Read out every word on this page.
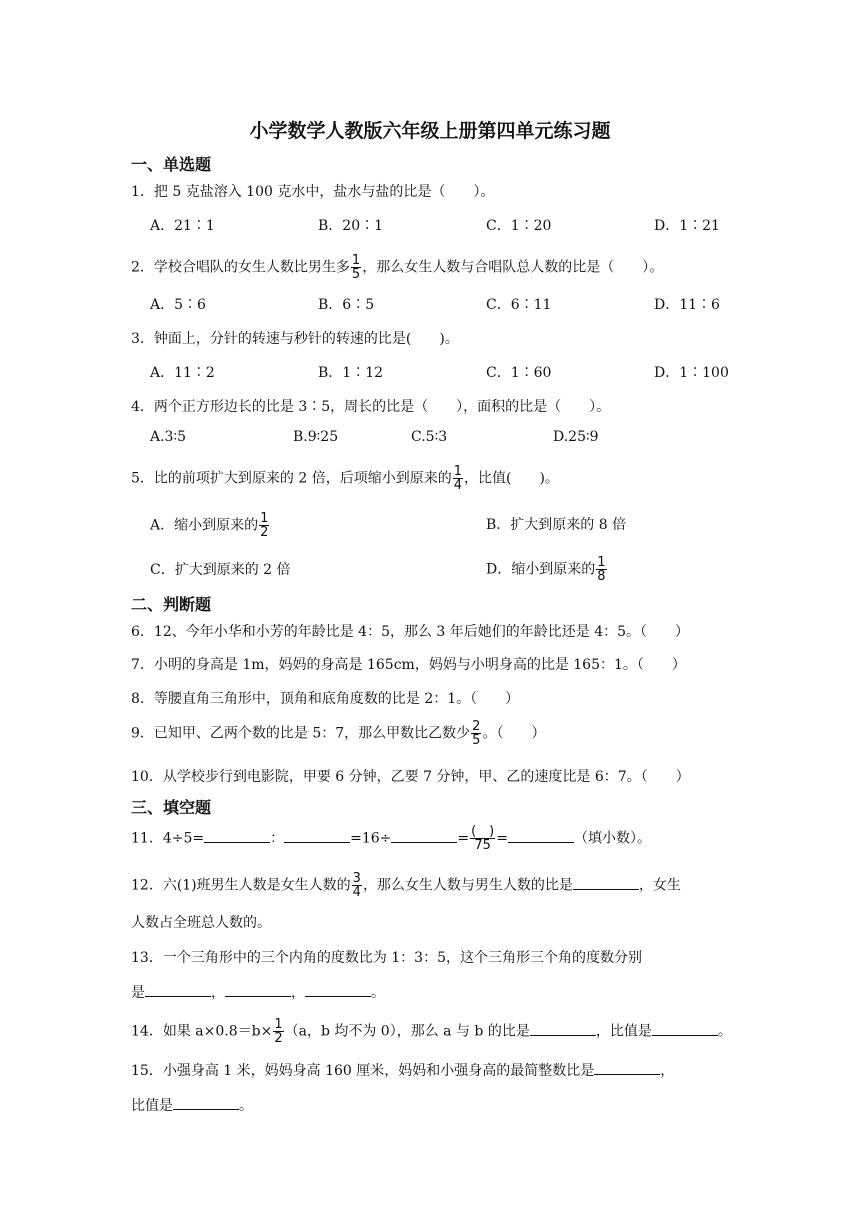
小学数学人教版六年级上册第四单元练习题
一、单选题
1．把 5 克盐溶入 100 克水中，盐水与盐的比是（　　）。
A．21∶1	B．20∶1	C．1∶20	D．1∶21
2．学校合唱队的女生人数比男生多 $\frac{1}{5}$ ，那么女生人数与合唱队总人数的比是（　　）。
A．5∶6	B．6∶5	C．6∶11	D．11∶6
3．钟面上，分针的转速与秒针的转速的比是(　　)。
A．11∶2	B．1∶12	C．1∶60	D．1∶100
4．两个正方形边长的比是 3∶5，周长的比是（　　），面积的比是（　　）。
A.3∶5	B.9∶25	C.5∶3	D.25∶9
5．比的前项扩大到原来的 2 倍，后项缩小到原来的 $\frac{1}{4}$ ，比值(　　)。
A．缩小到原来的 $\frac{1}{2}$	B．扩大到原来的 8 倍
C．扩大到原来的 2 倍	D．缩小到原来的 $\frac{1}{8}$
二、判断题
6．12、今年小华和小芳的年龄比是 4：5，那么 3 年后她们的年龄比还是 4：5。（　　）
7．小明的身高是 1m，妈妈的身高是 165cm，妈妈与小明身高的比是 165：1。（　　）
8．等腰直角三角形中，顶角和底角度数的比是 2：1。（　　）
9．已知甲、乙两个数的比是 5：7，那么甲数比乙数少 $\frac{2}{5}$ 。（　　）
10．从学校步行到电影院，甲要 6 分钟，乙要 7 分钟，甲、乙的速度比是 6：7。（　　）
三、填空题
11．4÷5=	：	=16÷	= $\frac{( )}{75}$ =	（填小数）。
12．六(1)班男生人数是女生人数的 $\frac{3}{4}$ ，那么女生人数与男生人数的比是	，女生
人数占全班总人数的。
13．一个三角形中的三个内角的度数比为 1：3：5，这个三角形三个角的度数分别
是	，	，	。
14．如果 $a\times 0.8=b\times \frac{1}{2} (a$，b 均不为 0），那么 a 与 b 的比是	，比值是	。
15．小强身高 1 米，妈妈身高 160 厘米，妈妈和小强身高的最简整数比是	，
比值是	。
